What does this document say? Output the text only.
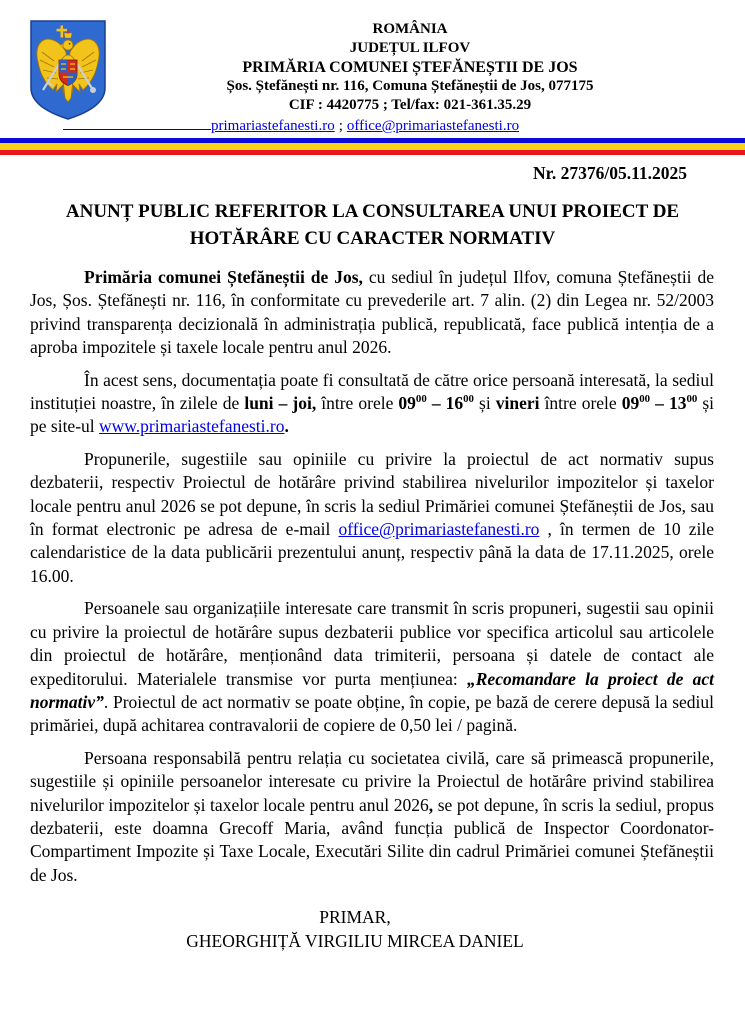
ROMÂNIA
JUDEȚUL ILFOV
PRIMĂRIA COMUNEI ȘTEFĂNEȘTII DE JOS
Șos. Ștefănești nr. 116, Comuna Ștefăneștii de Jos, 077175
CIF : 4420775 ; Tel/fax: 021-361.35.29
primariastefanesti.ro ; office@primariastefanesti.ro
Nr. 27376/05.11.2025
ANUNȚ PUBLIC REFERITOR LA CONSULTAREA UNUI PROIECT DE
HOTĂRÂRE CU CARACTER NORMATIV

Primăria comunei Ștefăneștii de Jos, cu sediul în județul Ilfov, comuna Ștefăneștii de Jos, Șos. Ștefănești nr. 116, în conformitate cu prevederile art. 7 alin. (2) din Legea nr. 52/2003 privind transparența decizională în administrația publică, republicată, face publică intenția de a aproba impozitele și taxele locale pentru anul 2026.

În acest sens, documentația poate fi consultată de către orice persoană interesată, la sediul instituției noastre, în zilele de luni – joi, între orele $09^{00} - 16^{00}$ și vineri între orele $09^{00} - 13^{00}$ și pe site-ul www.primariastefanesti.ro.

Propunerile, sugestiile sau opiniile cu privire la proiectul de act normativ supus dezbaterii, respectiv Proiectul de hotărâre privind stabilirea nivelurilor impozitelor și taxelor locale pentru anul 2026 se pot depune, în scris la sediul Primăriei comunei Ștefăneștii de Jos, sau în format electronic pe adresa de e-mail office@primariastefanesti.ro , în termen de 10 zile calendaristice de la data publicării prezentului anunț, respectiv până la data de 17.11.2025, orele 16.00.

Persoanele sau organizațiile interesate care transmit în scris propuneri, sugestii sau opinii cu privire la proiectul de hotărâre supus dezbaterii publice vor specifica articolul sau articolele din proiectul de hotărâre, menționând data trimiterii, persoana și datele de contact ale expeditorului. Materialele transmise vor purta mențiunea: „Recomandare la proiect de act normativ”. Proiectul de act normativ se poate obține, în copie, pe bază de cerere depusă la sediul primăriei, după achitarea contravalorii de copiere de 0,50 lei / pagină.

Persoana responsabilă pentru relația cu societatea civilă, care să primească propunerile, sugestiile și opiniile persoanelor interesate cu privire la Proiectul de hotărâre privind stabilirea nivelurilor impozitelor și taxelor locale pentru anul 2026, se pot depune, în scris la sediul, propus dezbaterii, este doamna Grecoff Maria, având funcția publică de Inspector Coordonator- Compartiment Impozite și Taxe Locale, Executări Silite din cadrul Primăriei comunei Ștefăneștii de Jos.

PRIMAR,
GHEORGHIȚĂ VIRGILIU MIRCEA DANIEL
